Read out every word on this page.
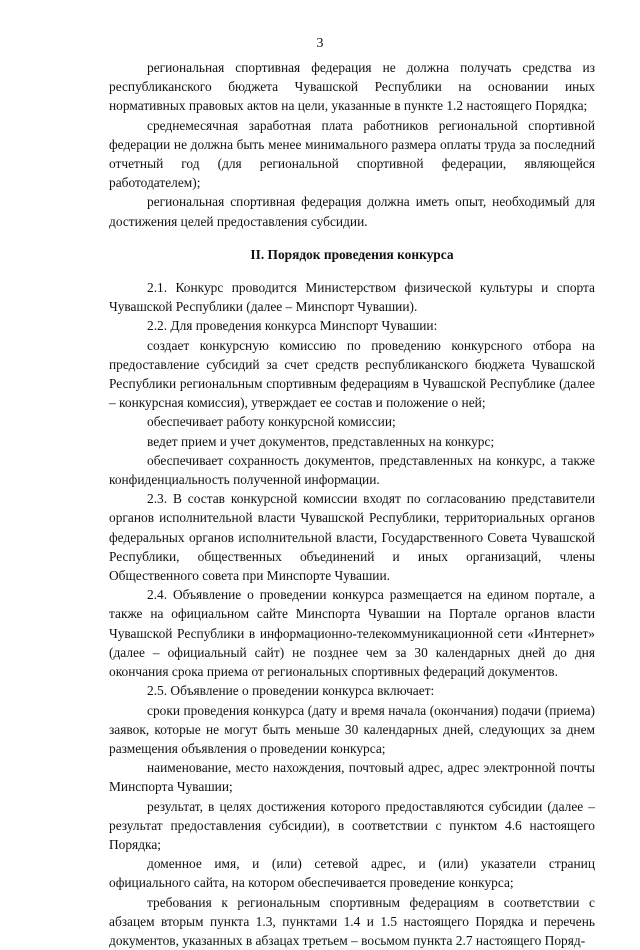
3

региональная спортивная федерация не должна получать средства из республиканского бюджета Чувашской Республики на основании иных нормативных правовых актов на цели, указанные в пункте 1.2 настоящего Порядка;

среднемесячная заработная плата работников региональной спортивной федерации не должна быть менее минимального размера оплаты труда за последний отчетный год (для региональной спортивной федерации, являющейся работодателем);

региональная спортивная федерация должна иметь опыт, необходимый для достижения целей предоставления субсидии.

II. Порядок проведения конкурса

2.1. Конкурс проводится Министерством физической культуры и спорта Чувашской Республики (далее – Минспорт Чувашии).

2.2. Для проведения конкурса Минспорт Чувашии:

создает конкурсную комиссию по проведению конкурсного отбора на предоставление субсидий за счет средств республиканского бюджета Чувашской Республики региональным спортивным федерациям в Чувашской Республике (далее – конкурсная комиссия), утверждает ее состав и положение о ней;

обеспечивает работу конкурсной комиссии;

ведет прием и учет документов, представленных на конкурс;

обеспечивает сохранность документов, представленных на конкурс, а также конфиденциальность полученной информации.

2.3. В состав конкурсной комиссии входят по согласованию представители органов исполнительной власти Чувашской Республики, территориальных органов федеральных органов исполнительной власти, Государственного Совета Чувашской Республики, общественных объединений и иных организаций, члены Общественного совета при Минспорте Чувашии.

2.4. Объявление о проведении конкурса размещается на едином портале, а также на официальном сайте Минспорта Чувашии на Портале органов власти Чувашской Республики в информационно-телекоммуникационной сети «Интернет» (далее – официальный сайт) не позднее чем за 30 календарных дней до дня окончания срока приема от региональных спортивных федераций документов.

2.5. Объявление о проведении конкурса включает:

сроки проведения конкурса (дату и время начала (окончания) подачи (приема) заявок, которые не могут быть меньше 30 календарных дней, следующих за днем размещения объявления о проведении конкурса;

наименование, место нахождения, почтовый адрес, адрес электронной почты Минспорта Чувашии;

результат, в целях достижения которого предоставляются субсидии (далее – результат предоставления субсидии), в соответствии с пунктом 4.6 настоящего Порядка;

доменное имя, и (или) сетевой адрес, и (или) указатели страниц официального сайта, на котором обеспечивается проведение конкурса;

требования к региональным спортивным федерациям в соответствии с абзацем вторым пункта 1.3, пунктами 1.4 и 1.5 настоящего Порядка и перечень документов, указанных в абзацах третьем – восьмом пункта 2.7 настоящего Поряд-
